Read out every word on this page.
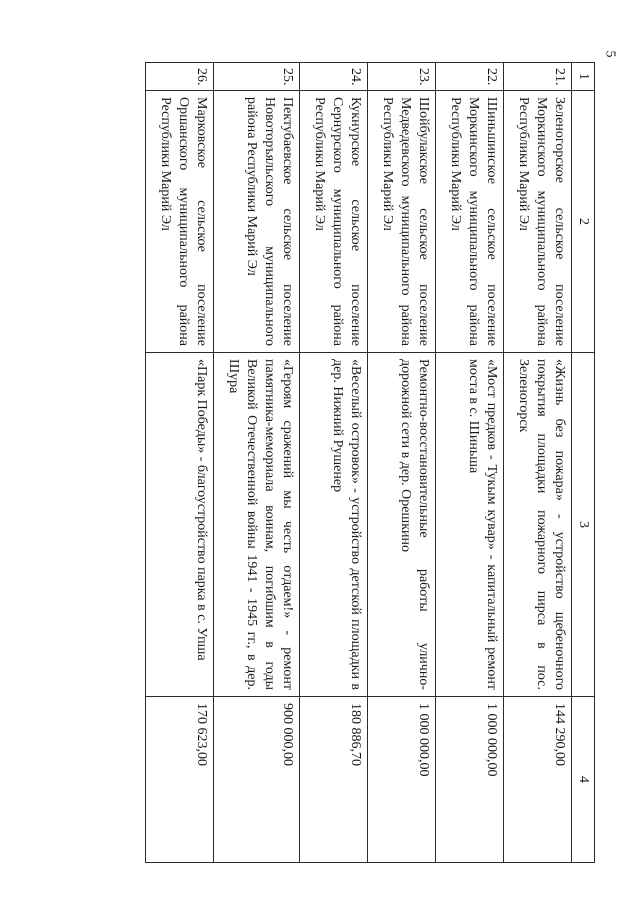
5
1	2	3	4
21.	Зеленогорское сельское поселение Моркинского муниципального района Республики Марий Эл	«Жизнь без пожара» - устройство щебеночного покрытия площадки пожарного пирса в пос. Зеленогорск	144 290,00
22.	Шиньшинское сельское поселение Моркинского муниципального района Республики Марий Эл	«Мост предков - Тукым кувар» - капитальный ремонт моста в с. Шиньша	1 000 000,00
23.	Шойбулакское сельское поселение Медведевского муниципального района Республики Марий Эл	Ремонтно-восстановительные работы улично-дорожной сети в дер. Орешкино	1 000 000,00
24.	Кукнурское сельское поселение Сернурского муниципального района Республики Марий Эл	«Веселый островок» - устройство детской площадки в дер. Нижний Рушенер	180 886,70
25.	Пектубаевское сельское поселение Новоторъяльского муниципального района Республики Марий Эл	«Героям сражений мы честь отдаем!» - ремонт памятника-мемориала воинам, погибшим в годы Великой Отечественной войны 1941 - 1945 гг., в дер. Шура	900 000,00
26.	Марковское сельское поселение Оршанского муниципального района Республики Марий Эл	«Парк Победы» - благоустройство парка в с. Упша	170 623,00
